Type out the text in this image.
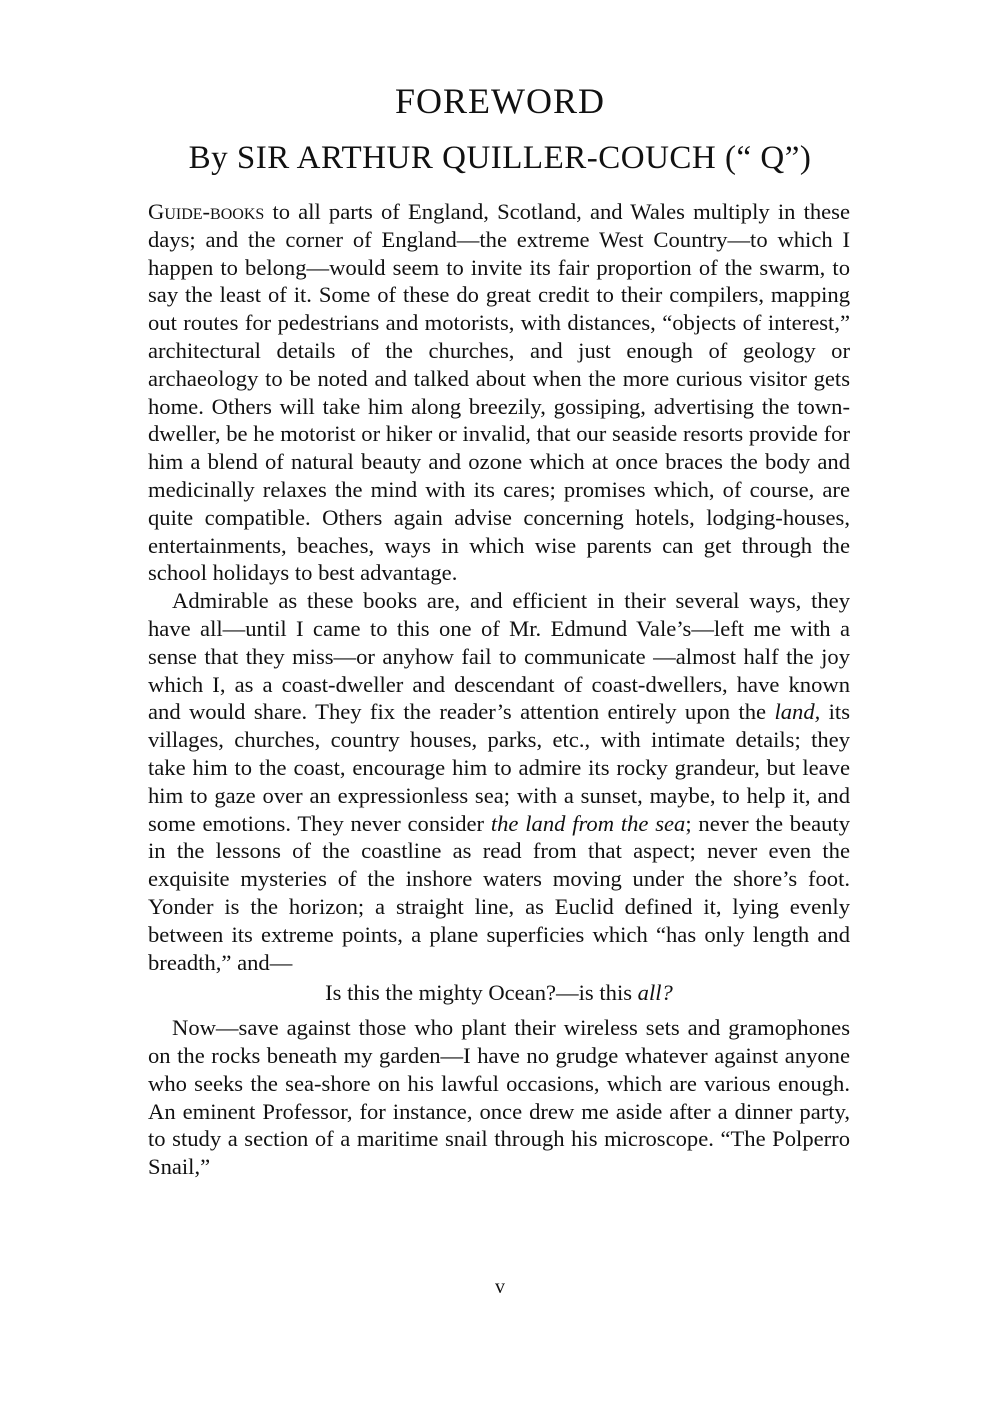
FOREWORD
By SIR ARTHUR QUILLER-COUCH (“ Q”)

Guide-books to all parts of England, Scotland, and Wales multiply in these days; and the corner of England—the extreme West Country—to which I happen to belong—would seem to invite its fair proportion of the swarm, to say the least of it. Some of these do great credit to their compilers, mapping out routes for pedestrians and motorists, with distances, “objects of interest,” architectural details of the churches, and just enough of geology or archaeology to be noted and talked about when the more curious visitor gets home. Others will take him along breezily, gossiping, advertising the town-dweller, be he motorist or hiker or invalid, that our seaside resorts provide for him a blend of natural beauty and ozone which at once braces the body and medicinally relaxes the mind with its cares; promises which, of course, are quite compatible. Others again advise concerning hotels, lodging-houses, entertainments, beaches, ways in which wise parents can get through the school holidays to best advantage.

Admirable as these books are, and efficient in their several ways, they have all—until I came to this one of Mr. Edmund Vale’s—left me with a sense that they miss—or anyhow fail to communicate —almost half the joy which I, as a coast-dweller and descendant of coast-dwellers, have known and would share. They fix the reader’s attention entirely upon the land, its villages, churches, country houses, parks, etc., with intimate details; they take him to the coast, encourage him to admire its rocky grandeur, but leave him to gaze over an expressionless sea; with a sunset, maybe, to help it, and some emotions. They never consider the land from the sea; never the beauty in the lessons of the coastline as read from that aspect; never even the exquisite mysteries of the inshore waters moving under the shore’s foot. Yonder is the horizon; a straight line, as Euclid defined it, lying evenly between its extreme points, a plane superficies which “has only length and breadth,” and—

Is this the mighty Ocean?—is this all?

Now—save against those who plant their wireless sets and gramophones on the rocks beneath my garden—I have no grudge whatever against anyone who seeks the sea-shore on his lawful occasions, which are various enough. An eminent Professor, for instance, once drew me aside after a dinner party, to study a section of a maritime snail through his microscope. “The Polperro Snail,”

v
